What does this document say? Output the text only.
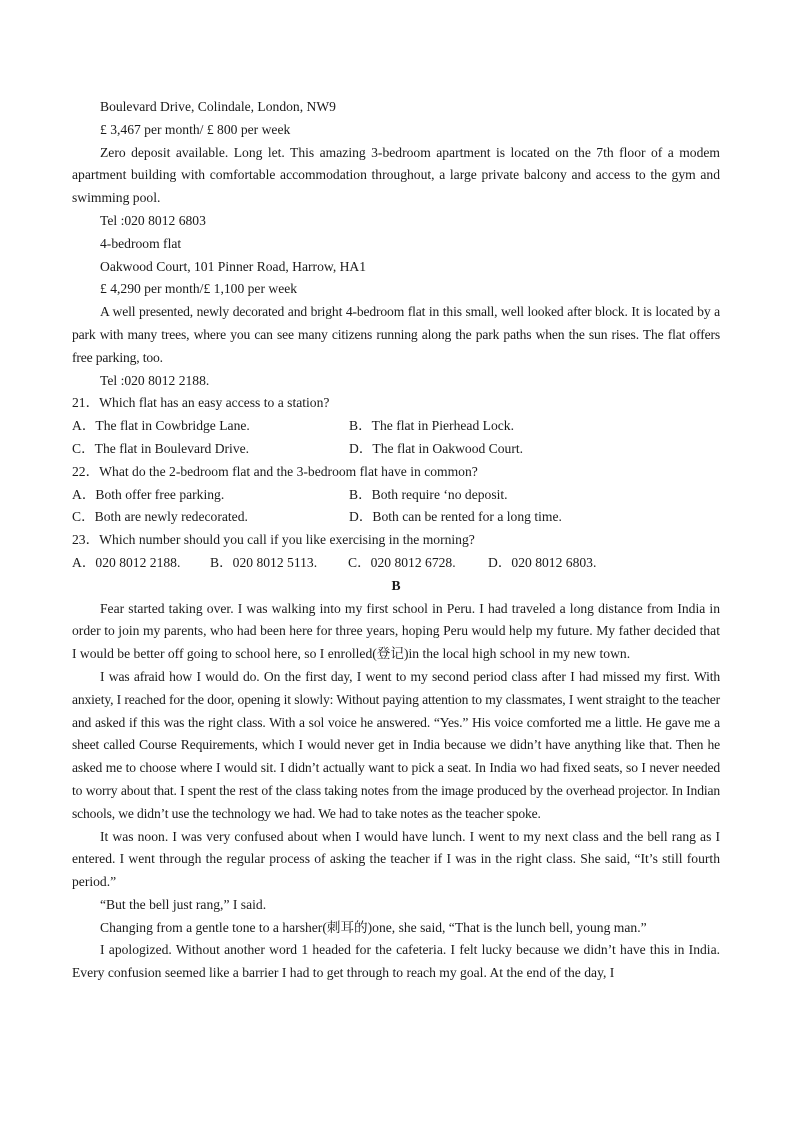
Boulevard Drive, Colindale, London, NW9

£ 3,467 per month/ £ 800 per week

Zero deposit available. Long let. This amazing 3-bedroom apartment is located on the 7th floor of a modem apartment building with comfortable accommodation throughout, a large private balcony and access to the gym and swimming pool.

Tel :020 8012 6803

4-bedroom flat

Oakwood Court, 101 Pinner Road, Harrow, HA1

£ 4,290 per month/£ 1,100 per week

A well presented, newly decorated and bright 4-bedroom flat in this small, well looked after block. It is located by a park with many trees, where you can see many citizens running along the park paths when the sun rises. The flat offers free parking, too.

Tel :020 8012 2188.

21．Which flat has an easy access to a station?

A．The flat in Cowbridge Lane.	B．The flat in Pierhead Lock.
C．The flat in Boulevard Drive.	D．The flat in Oakwood Court.

22．What do the 2-bedroom flat and the 3-bedroom flat have in common?

A．Both offer free parking.	B．Both require ‘no deposit.
C．Both are newly redecorated.	D．Both can be rented for a long time.

23．Which number should you call if you like exercising in the morning?

A．020 8012 2188.	B．020 8012 5113.	C．020 8012 6728.	D．020 8012 6803.

B

Fear started taking over. I was walking into my first school in Peru. I had traveled a long distance from India in order to join my parents, who had been here for three years, hoping Peru would help my future. My father decided that I would be better off going to school here, so I enrolled(登记)in the local high school in my new town.

I was afraid how I would do. On the first day, I went to my second period class after I had missed my first. With anxiety, I reached for the door, opening it slowly: Without paying attention to my classmates, I went straight to the teacher and asked if this was the right class. With a sol voice he answered. “Yes.” His voice comforted me a little. He gave me a sheet called Course Requirements, which I would never get in India because we didn’t have anything like that. Then he asked me to choose where I would sit. I didn’t actually want to pick a seat. In India wo had fixed seats, so I never needed to worry about that. I spent the rest of the class taking notes from the image produced by the overhead projector. In Indian schools, we didn’t use the technology we had. We had to take notes as the teacher spoke.

It was noon. I was very confused about when I would have lunch. I went to my next class and the bell rang as I entered. I went through the regular process of asking the teacher if I was in the right class. She said, “It’s still fourth period.”

“But the bell just rang,” I said.

Changing from a gentle tone to a harsher(刺耳的)one, she said, “That is the lunch bell, young man.”

I apologized. Without another word 1 headed for the cafeteria. I felt lucky because we didn’t have this in India. Every confusion seemed like a barrier I had to get through to reach my goal. At the end of the day, I
